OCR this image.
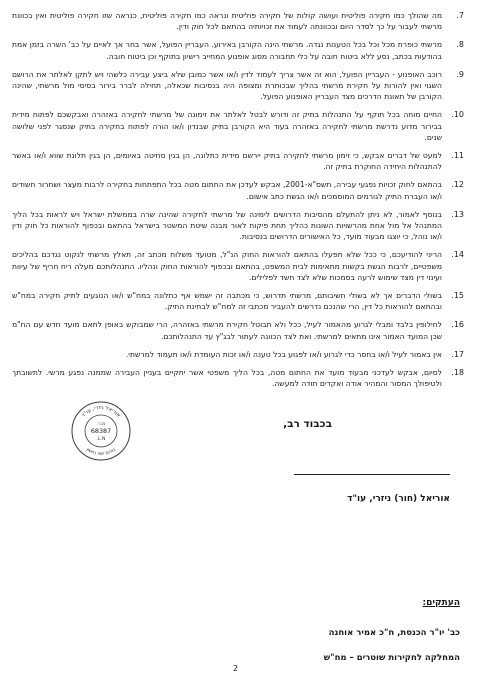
7.
מה שהולך כמו חקירה פוליטית ועושה קולות של חקירה פוליטית ונראה כמו חקירה פוליטית, כנראה שזו חקירה פוליטית ואין בכוונת מרשתי לעבור על כך לסדר היום ובכוונתה לעמוד את זכויותיה בהתאם לכל חוק ודין.
8.
מרשתי כופרת מכל וכל בכל הטענות נגדה. מרשתי הינה הקורבן באירוע. העבריין הפועל, אשר בחר אך לאיים על כב' השרה בזמן אמת בהודעות בכתב, נסע ללא ביטוח חובה על כלי תחבורה מסוג אופנוע המחייב רישיון בתוקף וכן ביטוח חובה.
9.
רוכב האופנוע - העבריין הפועל, הוא זה אשר צריך לעמוד לדין ו/או אשר כמובן שלא ביצע עבירה כלשהי ויש לתקן לאלתר את הרושם השגוי ואין להורות על חקירת מרשתי בהליך שבכותרת ומצופה היה בנסיבות שכאלה, תחילה לברר בירור בסיסי מול מרשתי, שהינה הקורבן של תאונת הדרכים מצד העבריין האופנוע הפועל.
10.
החיים מוחה בכל תוקף על התנהלות בתיק זה ודורש לבטל לאלתר את זימונה של מרשתי לחקירה באזהרה ואבקשכם לפתוח מידית בבירור מדוע נדרשת מרשתי לחקירה באזהרה בעוד היא הקורבן בתיק שבנדון ו/או הורה לפתוח בחקירה בתיק שנסגר לפני שלושה שנים.
11.
למעט של דברים אבקש, כי זימון מרשתי לחקירה בתיק יירשם מידית כתלונה, הן בגין סחיטה באיומים, הן בגין תלונת שווא ו/או באשר להתנהלות היחידה החוקרת בתיק זה.
12.
בהתאם לחוק זכויות נפגעי עבירה, תשס"א-2001, אבקש לעדכן את החתום מטה בכל התפתחות בחקירה לרבות מעצר ושחרור חשודים ו/או העברת התיק לגורמים המוסמכים ו/או הגשת כתב אישום.
13.
בנוסף לאמור, לא ניתן להתעלם מהסיבות הדרושים לימינה של מרשתי לחקירה שהינה שרה בממשלת ישראל ויש לראות בכל הליך המתנהל אל מול אחת מהרשויות השונות כהליך תחת פיקוח לאור מבנה שיטת המשטר בישראל בהתאם ובכפוף להוראות כל חוק ודין ו/או נוהל, כי יוצגו מבעוד מועד, כל האישורים הדרושים בנסיבות.
14.
הריני להודיעכם, כי ככל שלא תפעלו בהתאם להוראות החוק הנ"ל, מטועד משלוח מכתב זה, תאלץ מרשתי לנקוט נגדכם בהליכים משפטיים, לרבות הגשת בקשות מתאימות לבית המשפט, בהתאם ובכפוף להוראות החוק ונהליו. התנהלותכם מעלה ריח חריף של עיוות ועינוי דין מצד שימוש לרעה בסמכות שלא לצד חשד לפלילים.
15.
בשולי הדברים אך לא בשולי חשיבותם, מרשתי תדרוש, כי מכתבה זה ישמש אף כתלונה במח"ש ו/או הנוגעים לתיק חקירה במח"ש ובהתאם להוראות כל דין, הרי שהנכם נדרשים להעביר מכתבי זה למח"ש לבחינת התיק.
16.
לחילופין בלבד ומבלי לגרוע מהאמור לעיל, ככל ולא תבוטל חקירת מרשתי באזהרה, הרי שמבוקש באופן לתאם מועד חדש עם הח"מ שכן המועד האמור אינו מתאים למרשתי. ואת לצד הכוונה לעתור לבג"ץ עד התנהלותכם.
17.
אין באמור לעיל ו/או בחסר כדי לגרוע ו/או לפגוע בכל טענה ו/או זכות העומדת ו/או תעמוד למרשתי.
18.
לסיום, אבקש לעדכני מבעוד מועד את החתום מטה, בכל הליך משפטי אשר יתקיים בעניין העבירה שממנה נפגע מרשי. לתשובתך ולטיפולך המסור והמהיר אודה ואקדים תודה למעשה.
אוריאל ניזרי, עו"ד
בורום ישה נחשון
מ.ר.
68387
L.N.
בכבוד רב,
אוריאל (חור) ניזרי, עו"ד
העתקים:
כב' יו"ר הכנסת, ח"כ אמיר אוחנה
המחלקה לחקירות שוטרים – מח"ש
2
